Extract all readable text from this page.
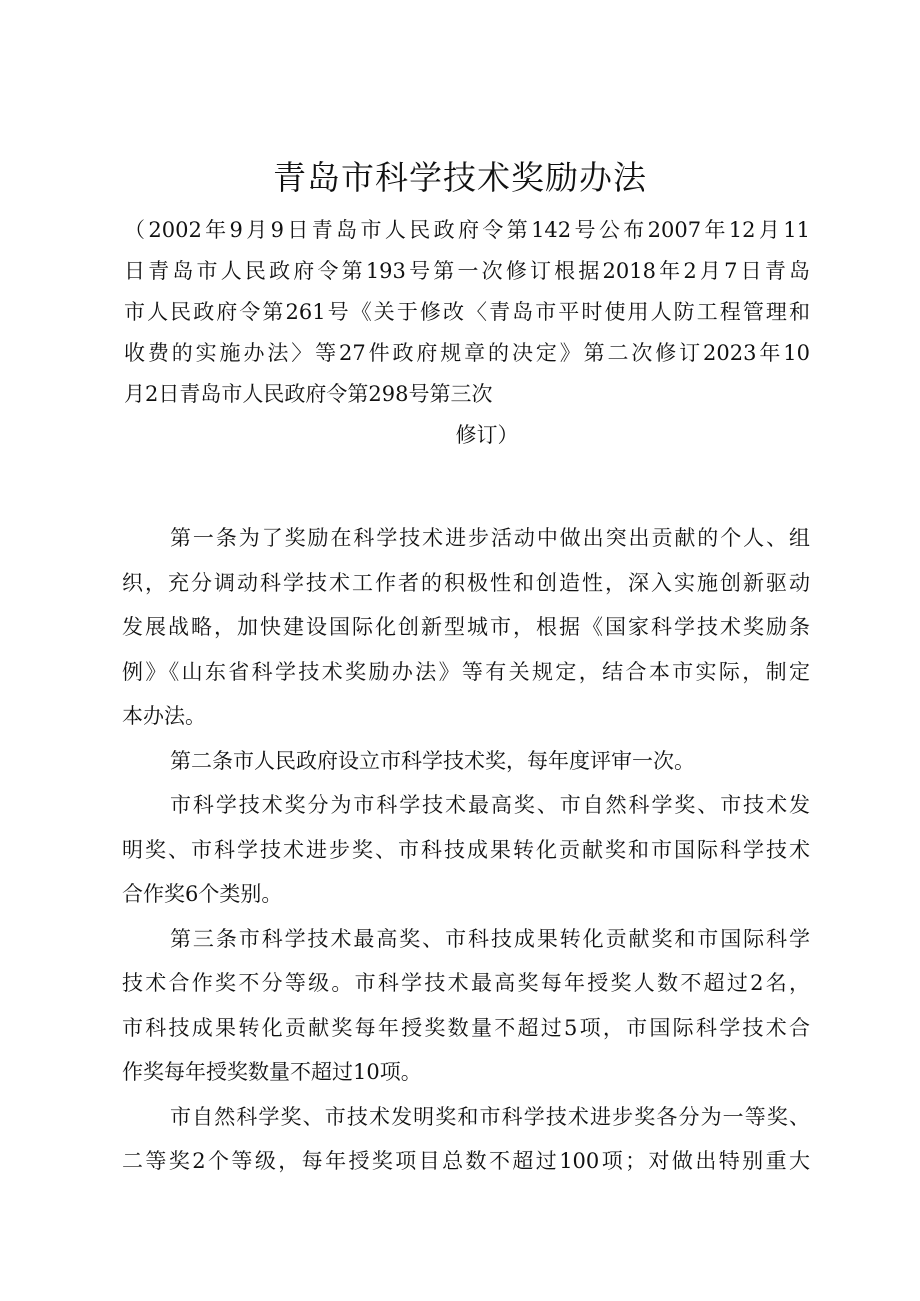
青岛市科学技术奖励办法
（2002年9月9日青岛市人民政府令第142号公布2007年12月11
日青岛市人民政府令第193号第一次修订根据2018年2月7日青岛
市人民政府令第261号《关于修改〈青岛市平时使用人防工程管理和
收费的实施办法〉等27件政府规章的决定》第二次修订2023年10
月2日青岛市人民政府令第298号第三次
修订）
第一条为了奖励在科学技术进步活动中做出突出贡献的个人、组
织，充分调动科学技术工作者的积极性和创造性，深入实施创新驱动
发展战略，加快建设国际化创新型城市，根据《国家科学技术奖励条
例》《山东省科学技术奖励办法》等有关规定，结合本市实际，制定
本办法。
第二条市人民政府设立市科学技术奖，每年度评审一次。
市科学技术奖分为市科学技术最高奖、市自然科学奖、市技术发
明奖、市科学技术进步奖、市科技成果转化贡献奖和市国际科学技术
合作奖6个类别。
第三条市科学技术最高奖、市科技成果转化贡献奖和市国际科学
技术合作奖不分等级。市科学技术最高奖每年授奖人数不超过2名，
市科技成果转化贡献奖每年授奖数量不超过5项，市国际科学技术合
作奖每年授奖数量不超过10项。
市自然科学奖、市技术发明奖和市科学技术进步奖各分为一等奖、
二等奖2个等级，每年授奖项目总数不超过100项；对做出特别重大
